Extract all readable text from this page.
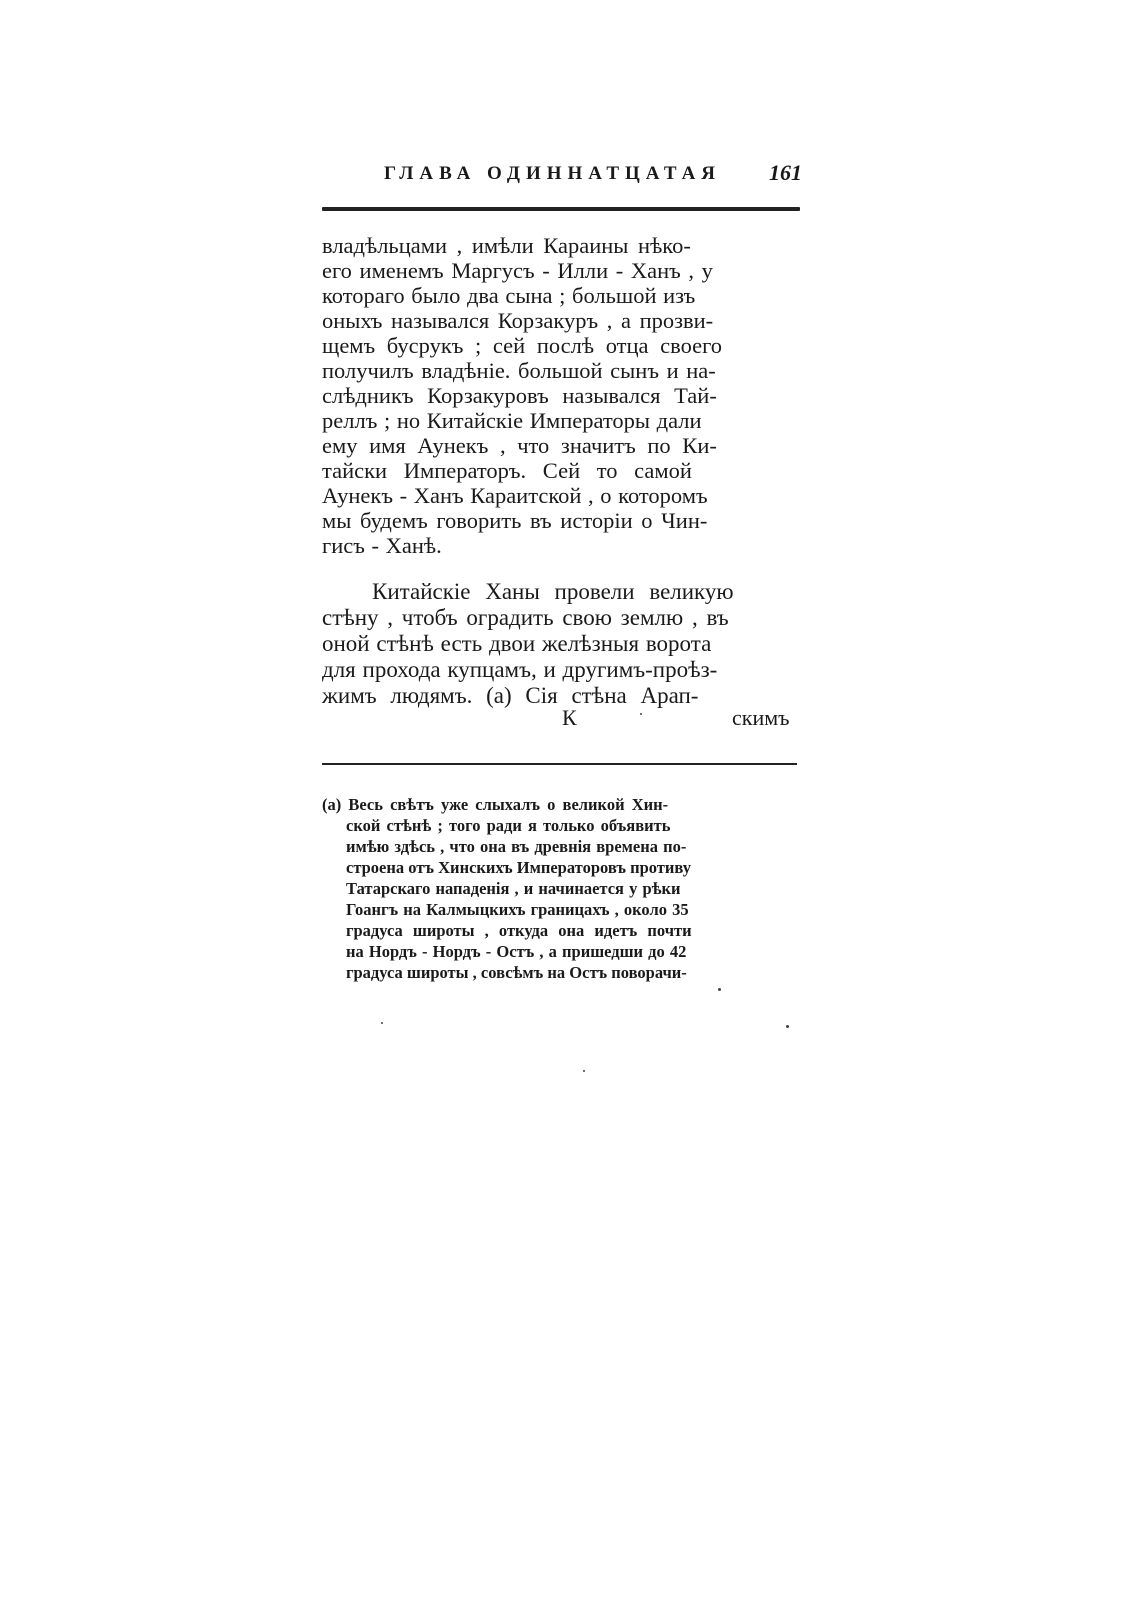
ГЛАВА ОДИННАТЦАТАЯ 161
владѣльцами , имѣли Караины нѣко-
его именемъ Маргусъ - Илли - Ханъ , у
котораго было два сына ; большой изъ
оныхъ назывался Корзакуръ , а прозви-
щемъ бусрукъ ; сей послѣ отца своего
получилъ владѣніе. большой сынъ и на-
слѣдникъ Корзакуровъ назывался Тай-
реллъ ; но Китайскіе Императоры дали
ему имя Аунекъ , что значитъ по Ки-
тайски Императоръ. Сей то самой
Аунекъ - Ханъ Караитской , о которомъ
мы будемъ говорить въ исторіи о Чин-
гисъ - Ханѣ.
Китайскіе Ханы провели великую
стѣну , чтобъ оградить свою землю , въ
оной стѣнѣ есть двои желѣзныя ворота
для прохода купцамъ, и другимъ-проѣз-
жимъ людямъ. (а) Сія стѣна Арап-
К	скимъ
(а) Весь свѣтъ уже слыхалъ о великой Хин-
ской стѣнѣ ; того ради я только объявить
имѣю здѣсь , что она въ древнія времена по-
строена отъ Хинскихъ Императоровъ противу
Татарскаго нападенія , и начинается у рѣки
Гоангъ на Калмыцкихъ границахъ , около 35
градуса широты , откуда она идетъ почти
на Нордъ - Нордъ - Остъ , а пришедши до 42
градуса широты , совсѣмъ на Остъ поворачи-
